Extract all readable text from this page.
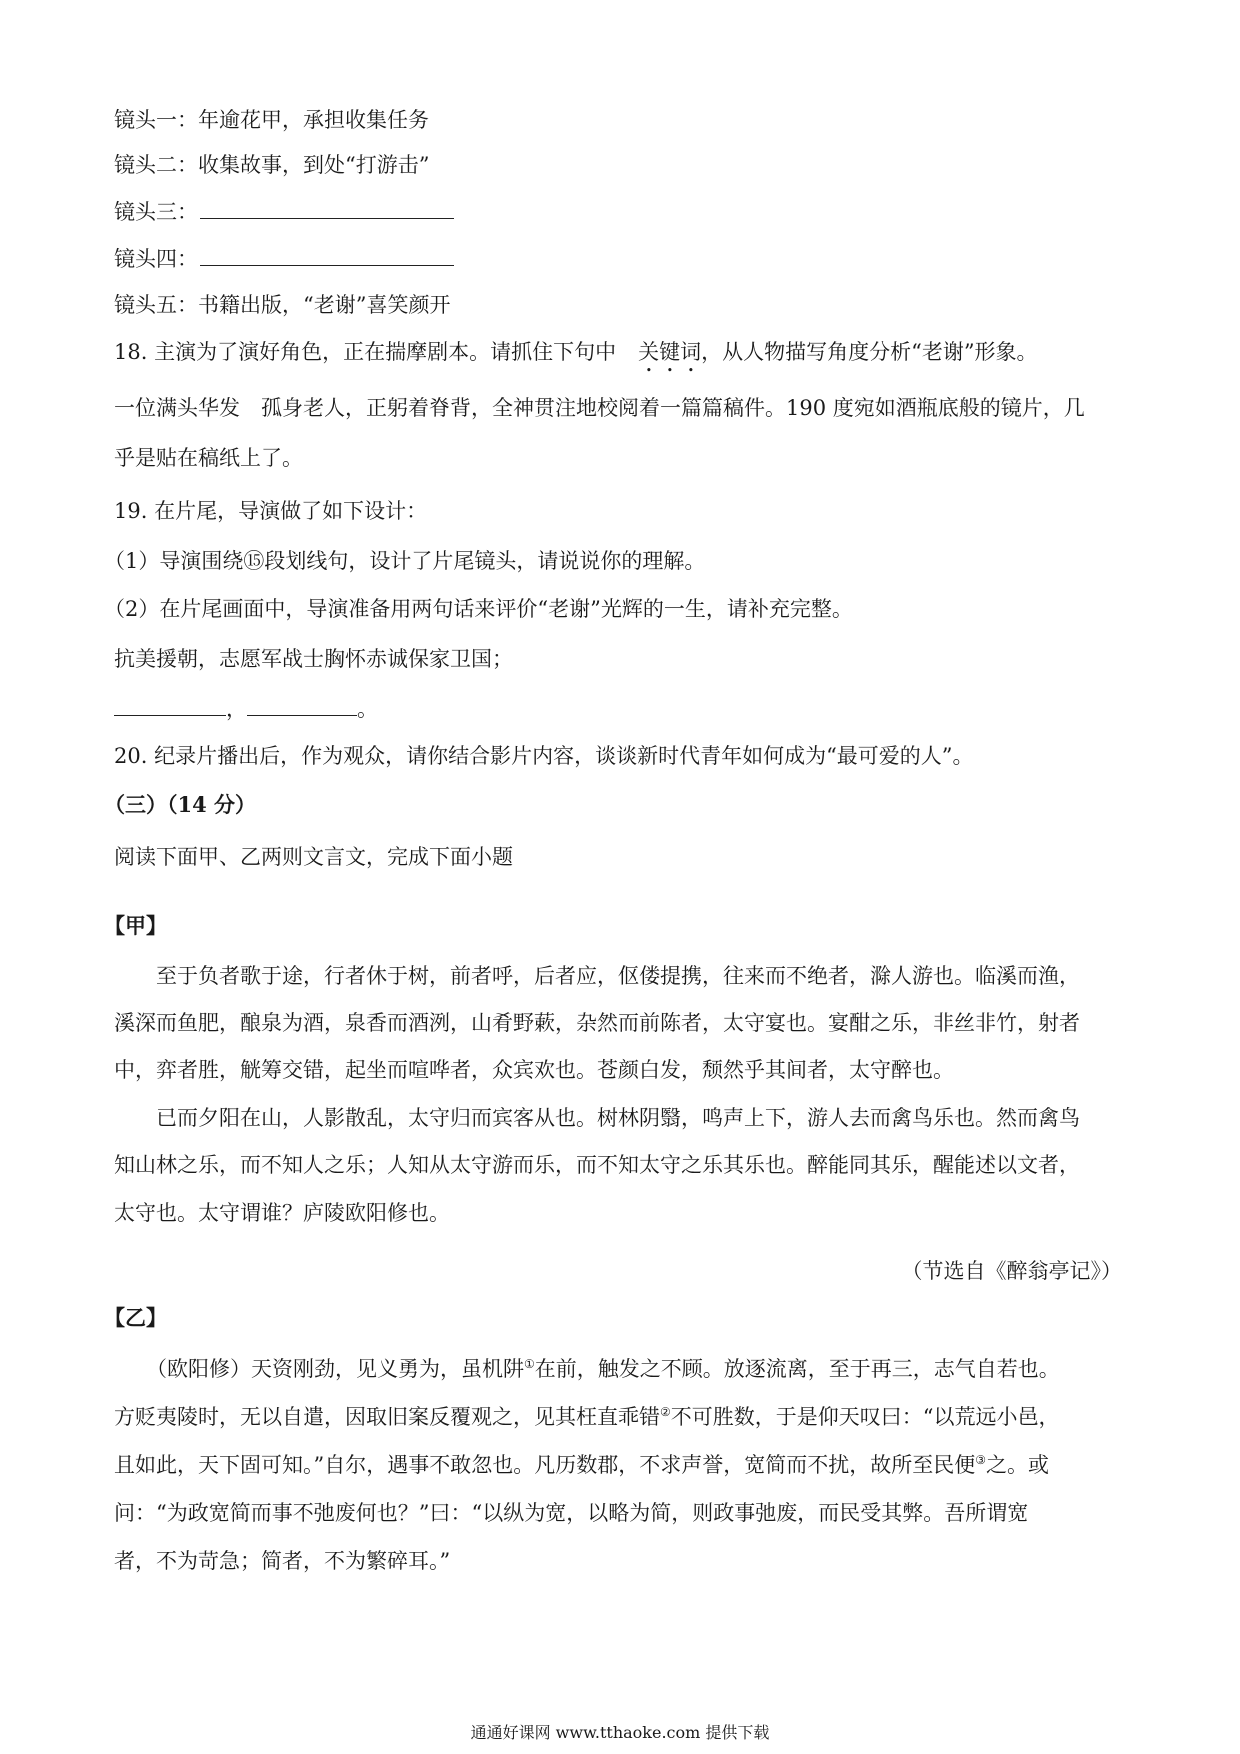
镜头一：年逾花甲，承担收集任务
镜头二：收集故事，到处“打游击”
镜头三：
镜头四：
镜头五：书籍出版，“老谢”喜笑颜开
18. 主演为了演好角色，正在揣摩剧本。请抓住下句中 关键词，从人物描写角度分析“老谢”形象。
一位满头华发　孤身老人，正躬着脊背，全神贯注地校阅着一篇篇稿件。190 度宛如酒瓶底般的镜片，几
乎是贴在稿纸上了。
19. 在片尾，导演做了如下设计：
（1）导演围绕⑮段划线句，设计了片尾镜头，请说说你的理解。
（2）在片尾画面中，导演准备用两句话来评价“老谢”光辉的一生，请补充完整。
抗美援朝，志愿军战士胸怀赤诚保家卫国；
，	。
20. 纪录片播出后，作为观众，请你结合影片内容，谈谈新时代青年如何成为“最可爱的人”。
（三）（14 分）
阅读下面甲、乙两则文言文，完成下面小题
【甲】
至于负者歌于途，行者休于树，前者呼，后者应，伛偻提携，往来而不绝者，滁人游也。临溪而渔，
溪深而鱼肥，酿泉为酒，泉香而酒洌，山肴野蔌，杂然而前陈者，太守宴也。宴酣之乐，非丝非竹，射者
中，弈者胜，觥筹交错，起坐而喧哗者，众宾欢也。苍颜白发，颓然乎其间者，太守醉也。
已而夕阳在山，人影散乱，太守归而宾客从也。树林阴翳，鸣声上下，游人去而禽鸟乐也。然而禽鸟
知山林之乐，而不知人之乐；人知从太守游而乐，而不知太守之乐其乐也。醉能同其乐，醒能述以文者，
太守也。太守谓谁？庐陵欧阳修也。
（节选自《醉翁亭记》）
【乙】
（欧阳修）天资刚劲，见义勇为，虽机阱①在前，触发之不顾。放逐流离，至于再三，志气自若也。
方贬夷陵时，无以自遣，因取旧案反覆观之，见其枉直乖错②不可胜数，于是仰天叹曰：“以荒远小邑，
且如此，天下固可知。”自尔，遇事不敢忽也。凡历数郡，不求声誉，宽简而不扰，故所至民便③之。或
问：“为政宽简而事不弛废何也？”曰：“以纵为宽，以略为简，则政事弛废，而民受其弊。吾所谓宽
者，不为苛急；简者，不为繁碎耳。”
通通好课网 www.tthaoke.com 提供下载
